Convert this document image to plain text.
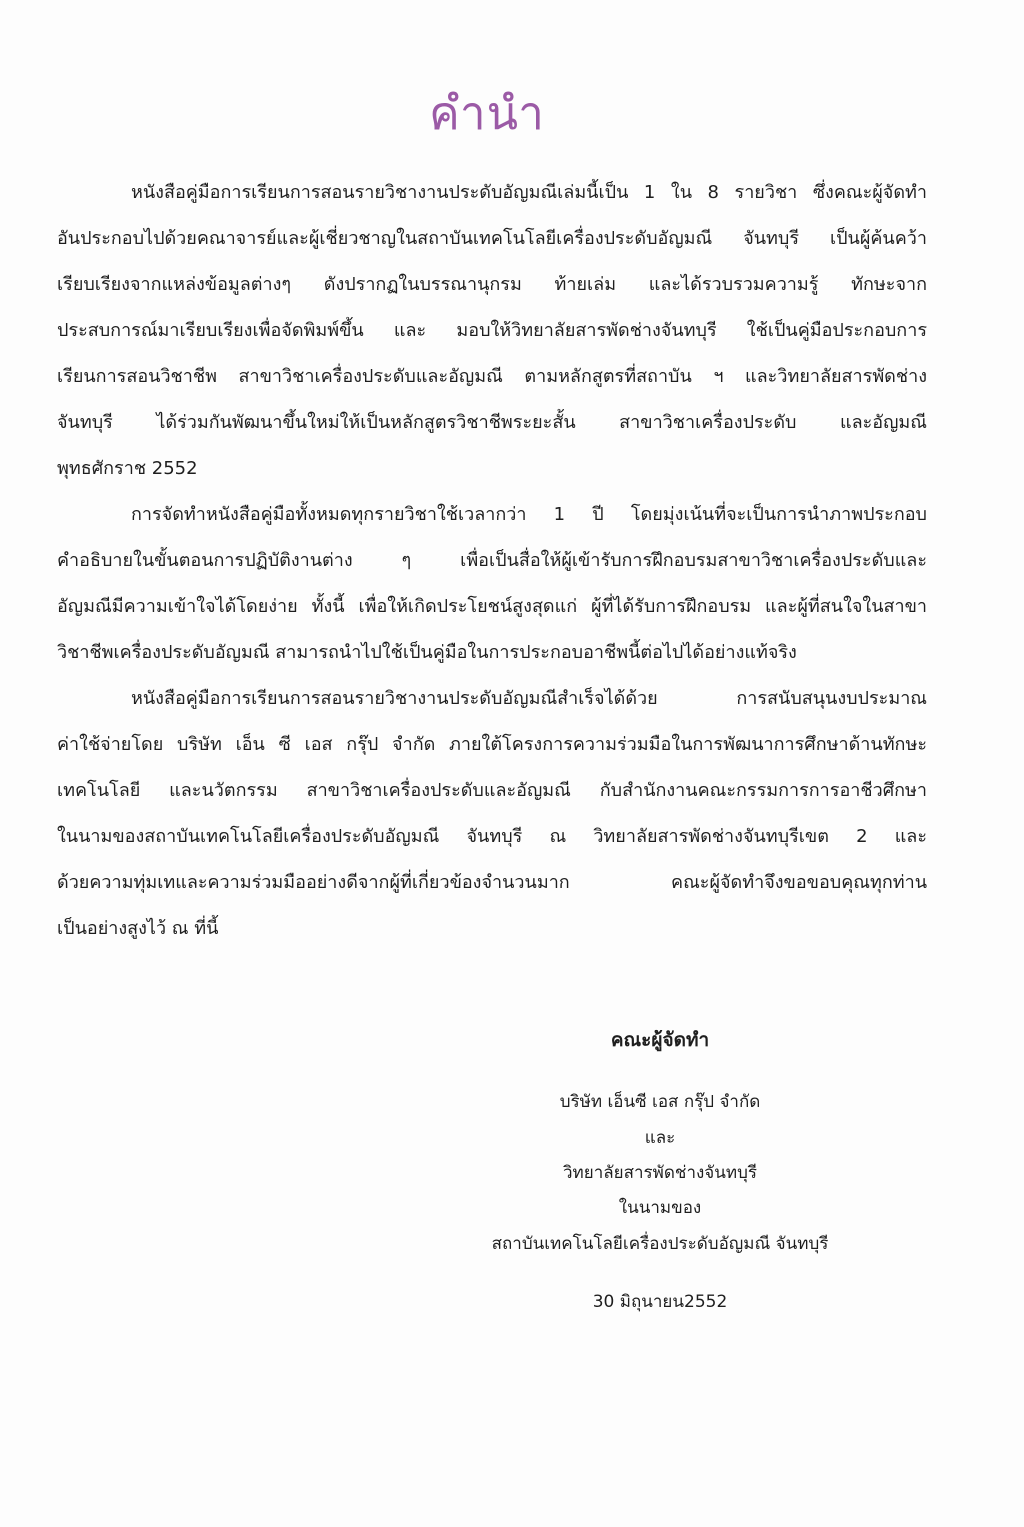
คำนำ
หนังสือคู่มือการเรียนการสอนรายวิชางานประดับอัญมณีเล่มนี้เป็น 1 ใน 8 รายวิชา ซึ่งคณะผู้จัดทำ
อันประกอบไปด้วยคณาจารย์และผู้เชี่ยวชาญในสถาบันเทคโนโลยีเครื่องประดับอัญมณี จันทบุรี เป็นผู้ค้นคว้า
เรียบเรียงจากแหล่งข้อมูลต่างๆ ดังปรากฏในบรรณานุกรม ท้ายเล่ม และได้รวบรวมความรู้ ทักษะจาก
ประสบการณ์มาเรียบเรียงเพื่อจัดพิมพ์ขึ้น และ มอบให้วิทยาลัยสารพัดช่างจันทบุรี ใช้เป็นคู่มือประกอบการ
เรียนการสอนวิชาชีพ สาขาวิชาเครื่องประดับและอัญมณี ตามหลักสูตรที่สถาบัน ฯ และวิทยาลัยสารพัดช่าง
จันทบุรี ได้ร่วมกันพัฒนาขึ้นใหม่ให้เป็นหลักสูตรวิชาชีพระยะสั้น สาขาวิชาเครื่องประดับ และอัญมณี
พุทธศักราช 2552
การจัดทำหนังสือคู่มือทั้งหมดทุกรายวิชาใช้เวลากว่า 1 ปี โดยมุ่งเน้นที่จะเป็นการนำภาพประกอบ
คำอธิบายในขั้นตอนการปฏิบัติงานต่าง ๆ เพื่อเป็นสื่อให้ผู้เข้ารับการฝึกอบรมสาขาวิชาเครื่องประดับและ
อัญมณีมีความเข้าใจได้โดยง่าย ทั้งนี้ เพื่อให้เกิดประโยชน์สูงสุดแก่ ผู้ที่ได้รับการฝึกอบรม และผู้ที่สนใจในสาขา
วิชาชีพเครื่องประดับอัญมณี สามารถนำไปใช้เป็นคู่มือในการประกอบอาชีพนี้ต่อไปได้อย่างแท้จริง
หนังสือคู่มือการเรียนการสอนรายวิชางานประดับอัญมณีสำเร็จได้ด้วย การสนับสนุนงบประมาณ
ค่าใช้จ่ายโดย บริษัท เอ็น ซี เอส กรุ๊ป จำกัด ภายใต้โครงการความร่วมมือในการพัฒนาการศึกษาด้านทักษะ
เทคโนโลยี และนวัตกรรม สาขาวิชาเครื่องประดับและอัญมณี กับสำนักงานคณะกรรมการการอาชีวศึกษา
ในนามของสถาบันเทคโนโลยีเครื่องประดับอัญมณี จันทบุรี ณ วิทยาลัยสารพัดช่างจันทบุรีเขต 2 และ
ด้วยความทุ่มเทและความร่วมมืออย่างดีจากผู้ที่เกี่ยวข้องจำนวนมาก คณะผู้จัดทำจึงขอขอบคุณทุกท่าน
เป็นอย่างสูงไว้ ณ ที่นี้
คณะผู้จัดทำ
บริษัท เอ็นซี เอส กรุ๊ป จำกัด
และ
วิทยาลัยสารพัดช่างจันทบุรี
ในนามของ
สถาบันเทคโนโลยีเครื่องประดับอัญมณี จันทบุรี
30 มิถุนายน2552
